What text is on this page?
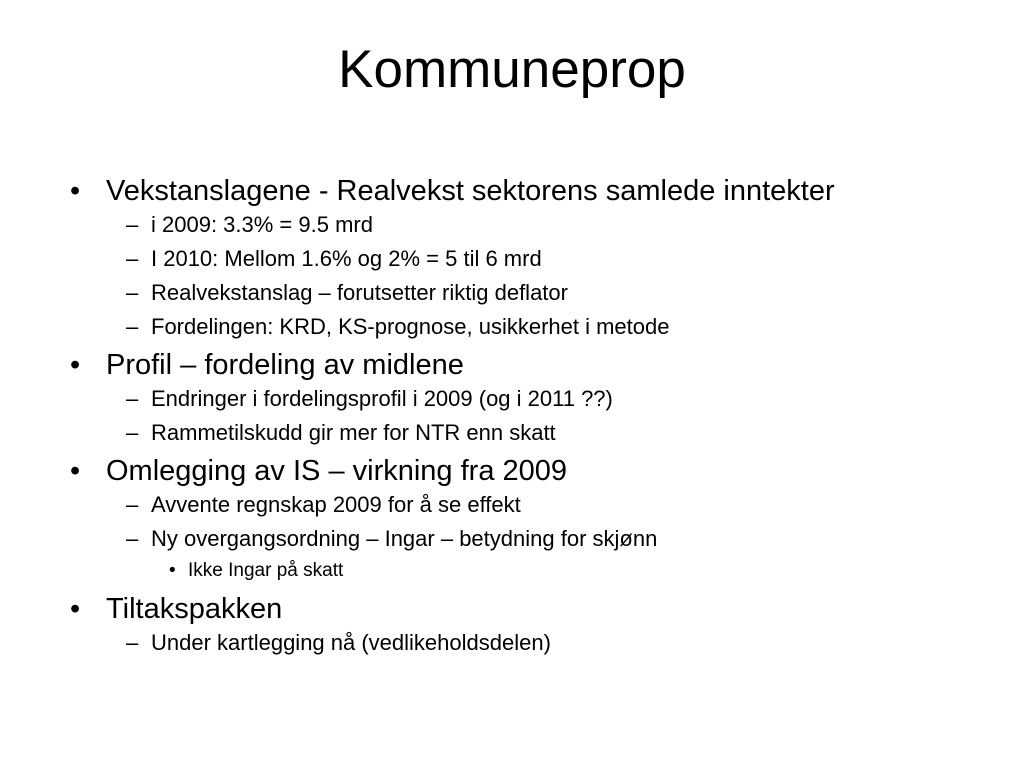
Kommuneprop
• Vekstanslagene - Realvekst sektorens samlede inntekter
– i 2009: 3.3% = 9.5 mrd
– I 2010: Mellom 1.6% og 2% = 5 til 6 mrd
– Realvekstanslag – forutsetter riktig deflator
– Fordelingen: KRD, KS-prognose, usikkerhet i metode
• Profil – fordeling av midlene
– Endringer i fordelingsprofil i 2009 (og i 2011 ??)
– Rammetilskudd gir mer for NTR enn skatt
• Omlegging av IS – virkning fra 2009
– Avvente regnskap 2009 for å se effekt
– Ny overgangsordning – Ingar – betydning for skjønn
• Ikke Ingar på skatt
• Tiltakspakken
– Under kartlegging nå (vedlikeholdsdelen)
